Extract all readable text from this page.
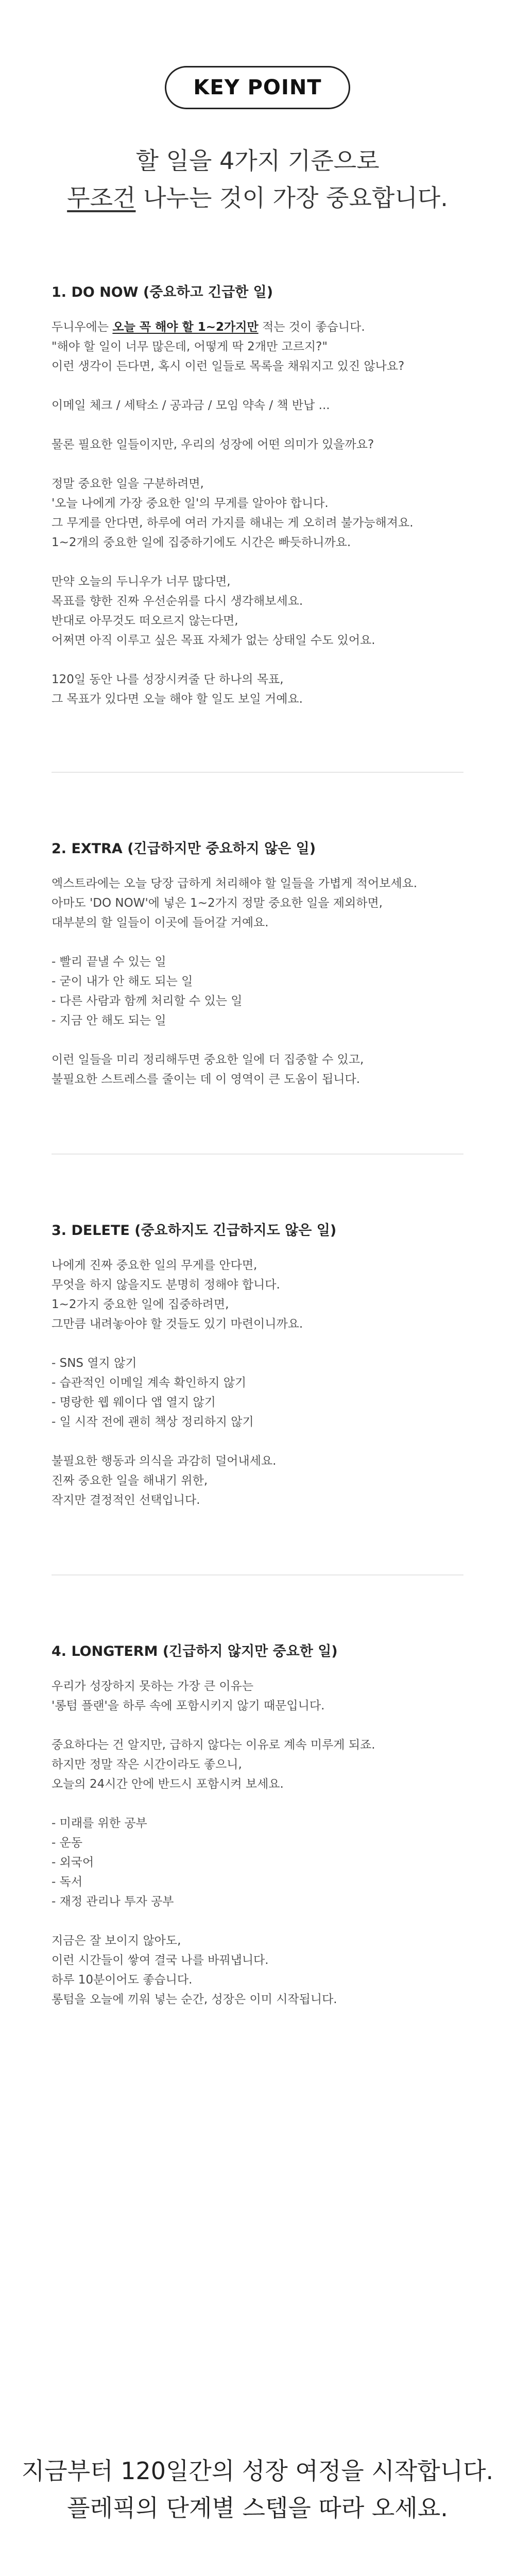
KEY POINT
할 일을 4가지 기준으로
무조건 나누는 것이 가장 중요합니다.
1. DO NOW (중요하고 긴급한 일)
두니우에는 오늘 꼭 해야 할 1~2가지만 적는 것이 좋습니다.
"해야 할 일이 너무 많은데, 어떻게 딱 2개만 고르지?"
이런 생각이 든다면, 혹시 이런 일들로 목록을 채워지고 있진 않나요?
이메일 체크 / 세탁소 / 공과금 / 모임 약속 / 책 반납 ...
물론 필요한 일들이지만, 우리의 성장에 어떤 의미가 있을까요?
정말 중요한 일을 구분하려면,
'오늘 나에게 가장 중요한 일'의 무게를 알아야 합니다.
그 무게를 안다면, 하루에 여러 가지를 해내는 게 오히려 불가능해져요.
1~2개의 중요한 일에 집중하기에도 시간은 빠듯하니까요.
만약 오늘의 두니우가 너무 많다면,
목표를 향한 진짜 우선순위를 다시 생각해보세요.
반대로 아무것도 떠오르지 않는다면,
어쩌면 아직 이루고 싶은 목표 자체가 없는 상태일 수도 있어요.
120일 동안 나를 성장시켜줄 단 하나의 목표,
그 목표가 있다면 오늘 해야 할 일도 보일 거예요.
2. EXTRA (긴급하지만 중요하지 않은 일)
엑스트라에는 오늘 당장 급하게 처리해야 할 일들을 가볍게 적어보세요.
아마도 'DO NOW'에 넣은 1~2가지 정말 중요한 일을 제외하면,
대부분의 할 일들이 이곳에 들어갈 거예요.
- 빨리 끝낼 수 있는 일
- 굳이 내가 안 해도 되는 일
- 다른 사람과 함께 처리할 수 있는 일
- 지금 안 해도 되는 일
이런 일들을 미리 정리해두면 중요한 일에 더 집중할 수 있고,
불필요한 스트레스를 줄이는 데 이 영역이 큰 도움이 됩니다.
3. DELETE (중요하지도 긴급하지도 않은 일)
나에게 진짜 중요한 일의 무게를 안다면,
무엇을 하지 않을지도 분명히 정해야 합니다.
1~2가지 중요한 일에 집중하려면,
그만큼 내려놓아야 할 것들도 있기 마련이니까요.
- SNS 열지 않기
- 습관적인 이메일 계속 확인하지 않기
- 명랑한 웹 웨이다 앱 열지 않기
- 일 시작 전에 괜히 책상 정리하지 않기
불필요한 행동과 의식을 과감히 덜어내세요.
진짜 중요한 일을 해내기 위한,
작지만 결정적인 선택입니다.
4. LONGTERM (긴급하지 않지만 중요한 일)
우리가 성장하지 못하는 가장 큰 이유는
'롱텀 플랜'을 하루 속에 포함시키지 않기 때문입니다.
중요하다는 건 알지만, 급하지 않다는 이유로 계속 미루게 되죠.
하지만 정말 작은 시간이라도 좋으니,
오늘의 24시간 안에 반드시 포함시켜 보세요.
- 미래를 위한 공부
- 운동
- 외국어
- 독서
- 재정 관리나 투자 공부
지금은 잘 보이지 않아도,
이런 시간들이 쌓여 결국 나를 바꿔냅니다.
하루 10분이어도 좋습니다.
롱텀을 오늘에 끼워 넣는 순간, 성장은 이미 시작됩니다.
지금부터 120일간의 성장 여정을 시작합니다.
플레픽의 단계별 스텝을 따라 오세요.
